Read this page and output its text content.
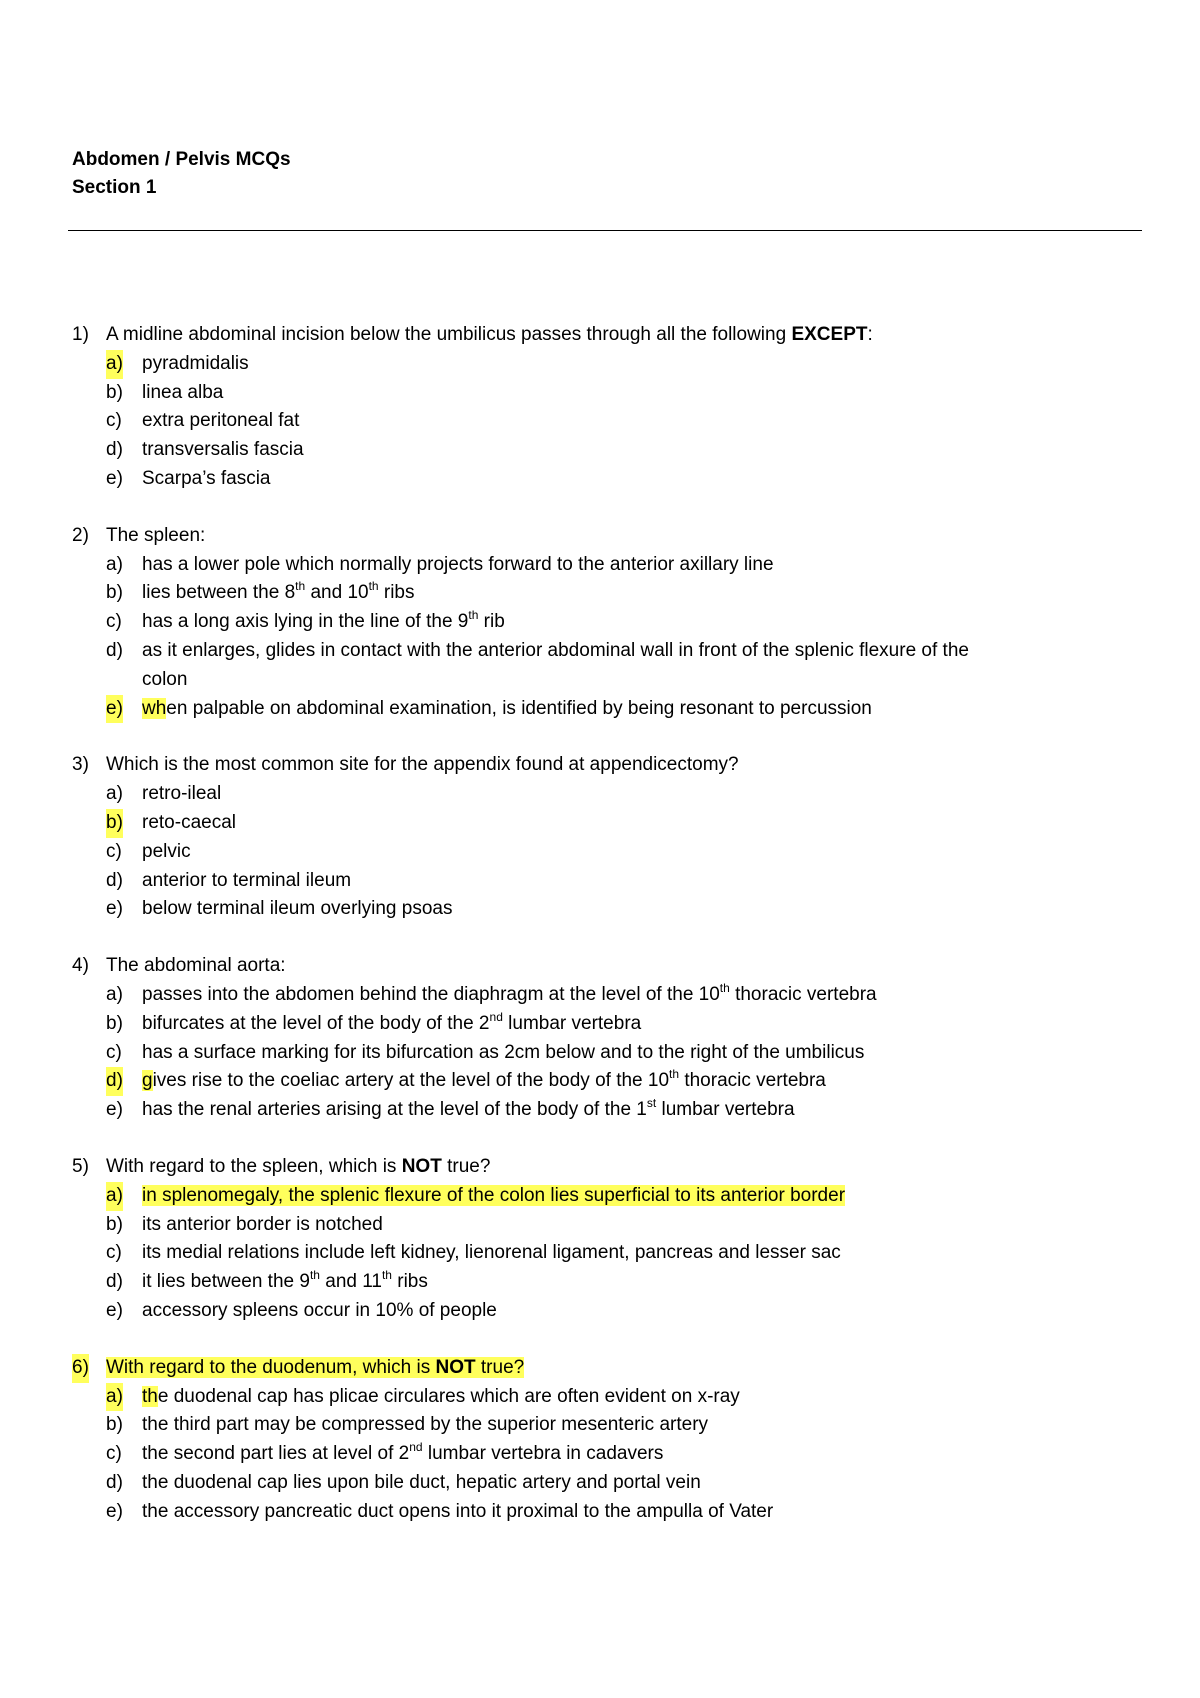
Abdomen / Pelvis MCQs
Section 1
1) A midline abdominal incision below the umbilicus passes through all the following EXCEPT:
a) pyradmidalis
b) linea alba
c) extra peritoneal fat
d) transversalis fascia
e) Scarpa’s fascia
2) The spleen:
a) has a lower pole which normally projects forward to the anterior axillary line
b) lies between the 8th and 10th ribs
c) has a long axis lying in the line of the 9th rib
d) as it enlarges, glides in contact with the anterior abdominal wall in front of the splenic flexure of the
colon
e) when palpable on abdominal examination, is identified by being resonant to percussion
3) Which is the most common site for the appendix found at appendicectomy?
a) retro-ileal
b) reto-caecal
c) pelvic
d) anterior to terminal ileum
e) below terminal ileum overlying psoas
4) The abdominal aorta:
a) passes into the abdomen behind the diaphragm at the level of the 10th thoracic vertebra
b) bifurcates at the level of the body of the 2nd lumbar vertebra
c) has a surface marking for its bifurcation as 2cm below and to the right of the umbilicus
d) gives rise to the coeliac artery at the level of the body of the 10th thoracic vertebra
e) has the renal arteries arising at the level of the body of the 1st lumbar vertebra
5) With regard to the spleen, which is NOT true?
a) in splenomegaly, the splenic flexure of the colon lies superficial to its anterior border
b) its anterior border is notched
c) its medial relations include left kidney, lienorenal ligament, pancreas and lesser sac
d) it lies between the 9th and 11th ribs
e) accessory spleens occur in 10% of people
6) With regard to the duodenum, which is NOT true?
a) the duodenal cap has plicae circulares which are often evident on x-ray
b) the third part may be compressed by the superior mesenteric artery
c) the second part lies at level of 2nd lumbar vertebra in cadavers
d) the duodenal cap lies upon bile duct, hepatic artery and portal vein
e) the accessory pancreatic duct opens into it proximal to the ampulla of Vater
